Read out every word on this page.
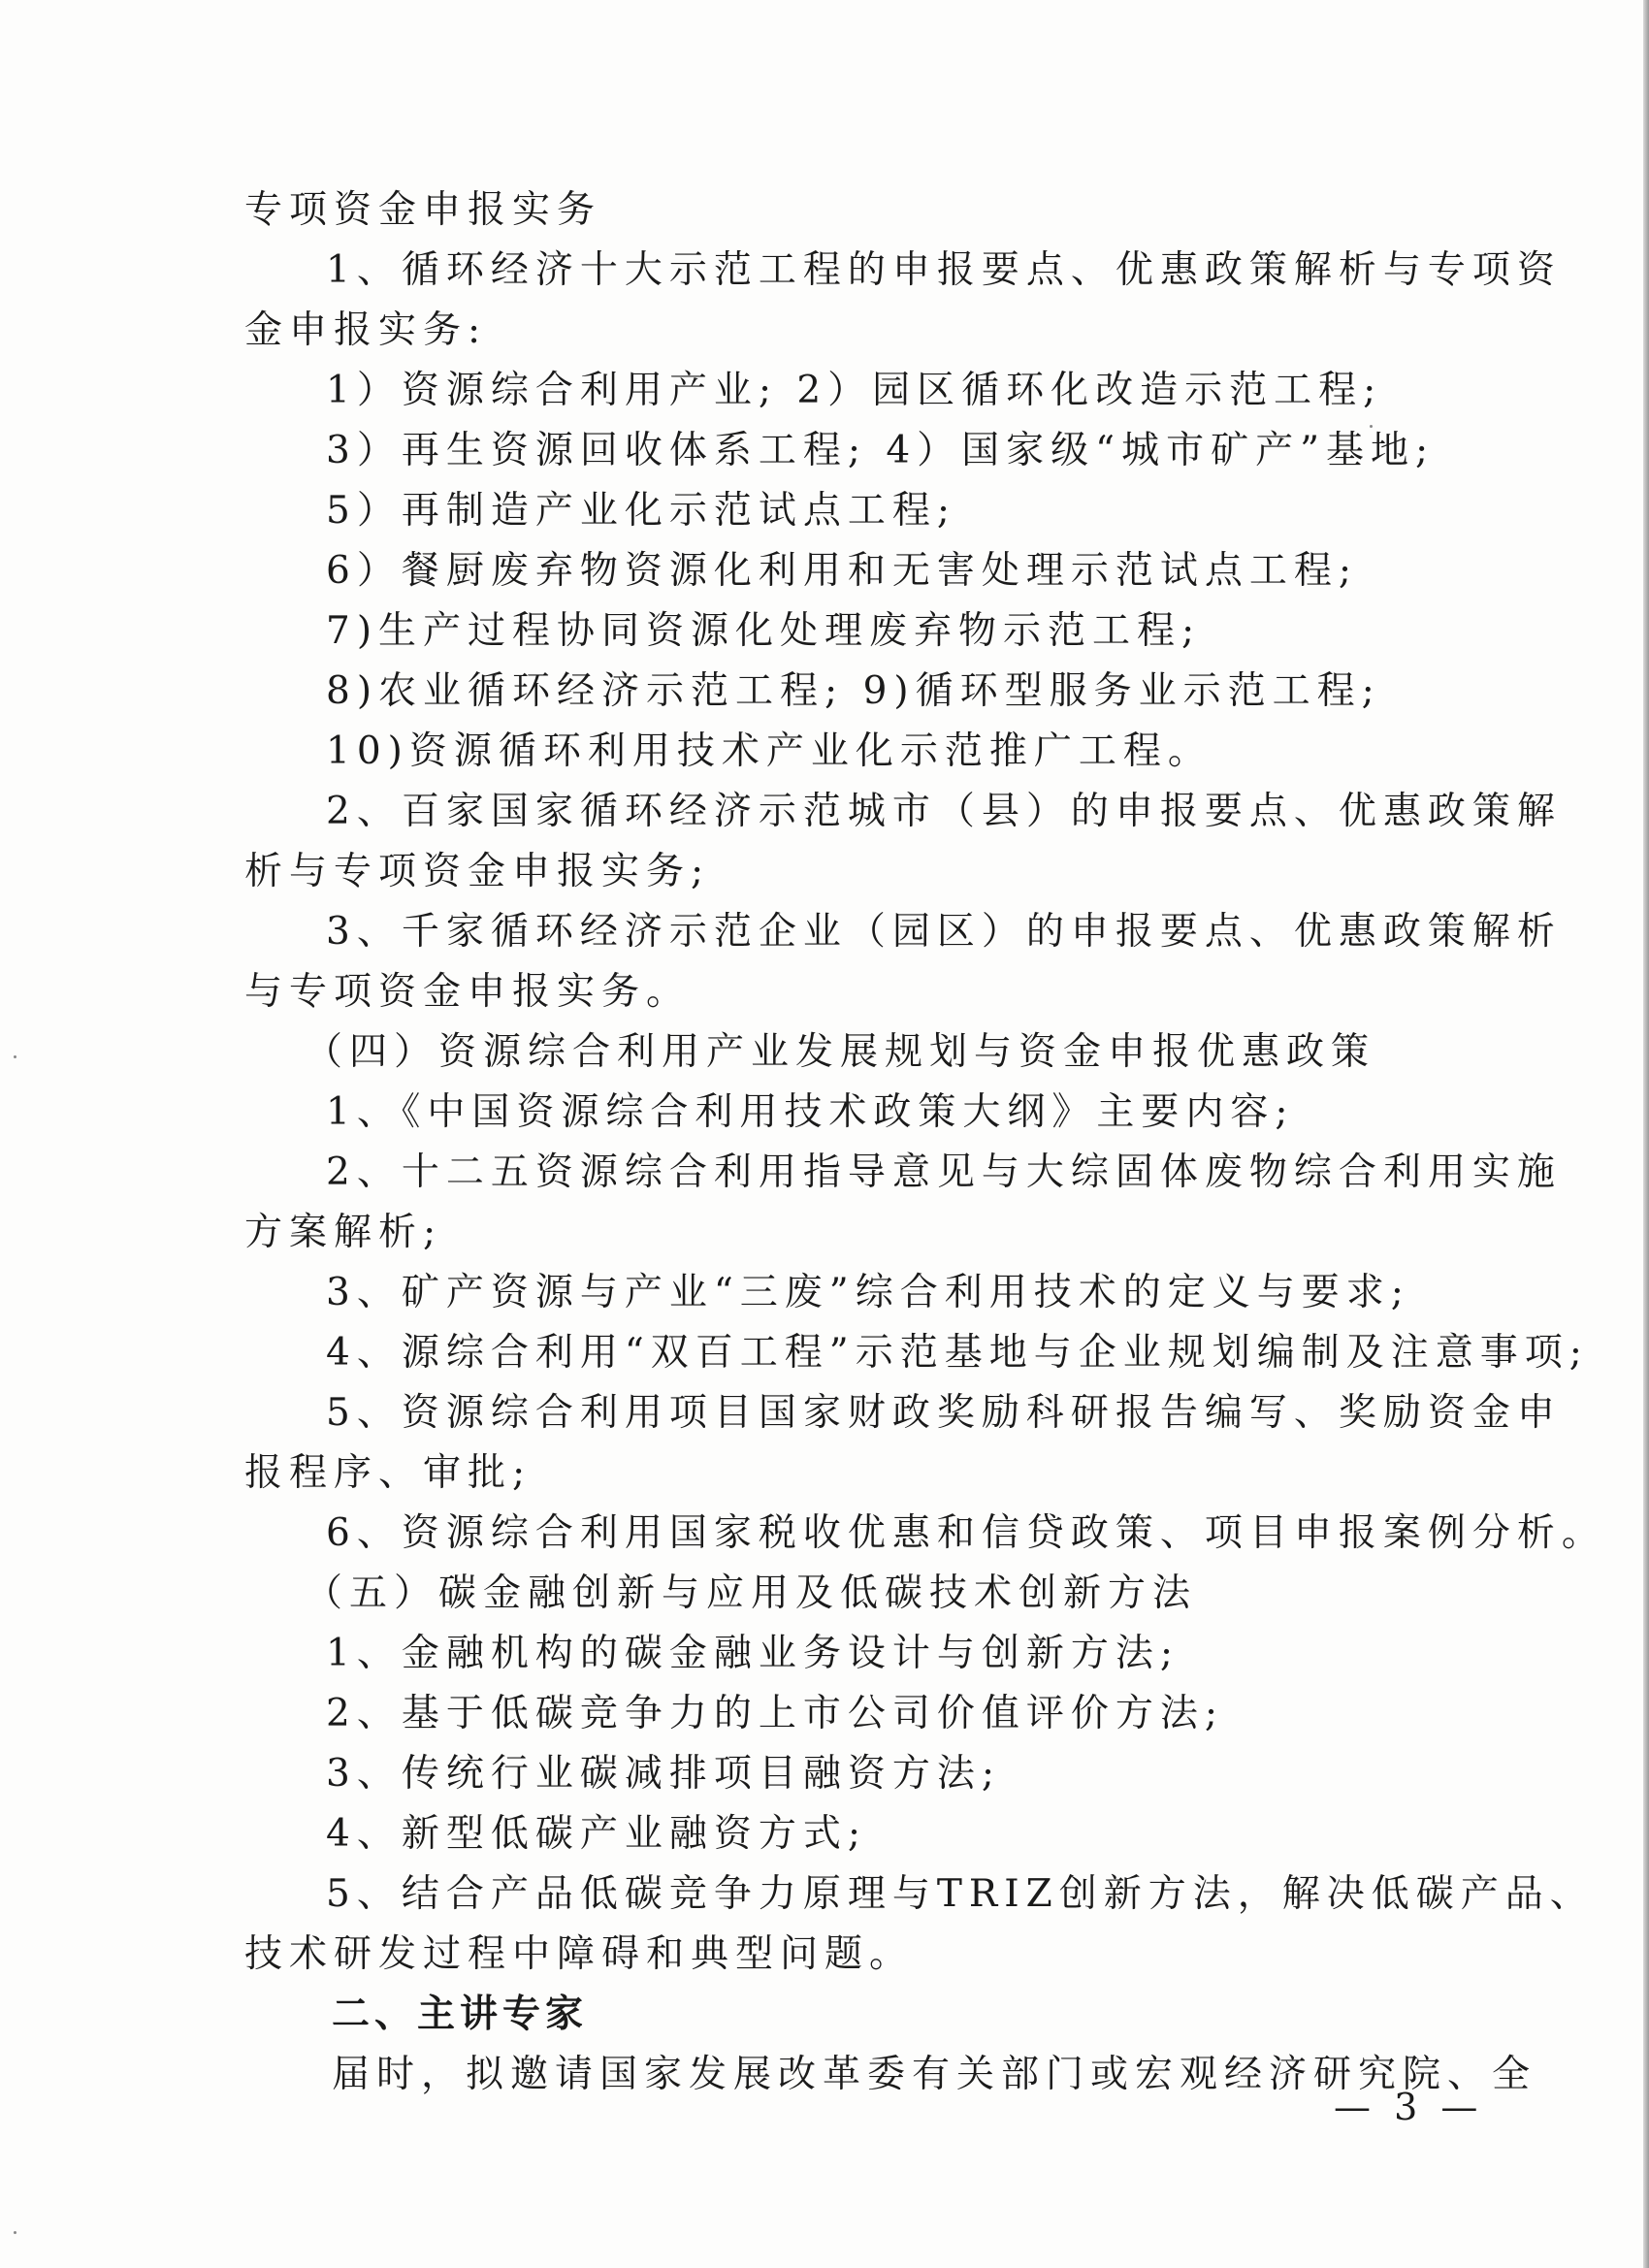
专项资金申报实务
1、循环经济十大示范工程的申报要点、优惠政策解析与专项资
金申报实务:
1）资源综合利用产业; 2）园区循环化改造示范工程;
3）再生资源回收体系工程; 4）国家级“城市矿产”基地;
5）再制造产业化示范试点工程;
6）餐厨废弃物资源化利用和无害处理示范试点工程;
7)生产过程协同资源化处理废弃物示范工程;
8)农业循环经济示范工程; 9)循环型服务业示范工程;
10)资源循环利用技术产业化示范推广工程。
2、百家国家循环经济示范城市（县）的申报要点、优惠政策解
析与专项资金申报实务;
3、千家循环经济示范企业（园区）的申报要点、优惠政策解析
与专项资金申报实务。
（四）资源综合利用产业发展规划与资金申报优惠政策
1、《中国资源综合利用技术政策大纲》主要内容;
2、十二五资源综合利用指导意见与大综固体废物综合利用实施
方案解析;
3、矿产资源与产业“三废”综合利用技术的定义与要求;
4、源综合利用“双百工程”示范基地与企业规划编制及注意事项;
5、资源综合利用项目国家财政奖励科研报告编写、奖励资金申
报程序、审批;
6、资源综合利用国家税收优惠和信贷政策、项目申报案例分析。
（五）碳金融创新与应用及低碳技术创新方法
1、金融机构的碳金融业务设计与创新方法;
2、基于低碳竞争力的上市公司价值评价方法;
3、传统行业碳减排项目融资方法;
4、新型低碳产业融资方式;
5、结合产品低碳竞争力原理与TRIZ创新方法，解决低碳产品、
技术研发过程中障碍和典型问题。
二、主讲专家
届时，拟邀请国家发展改革委有关部门或宏观经济研究院、全
— 3 —
